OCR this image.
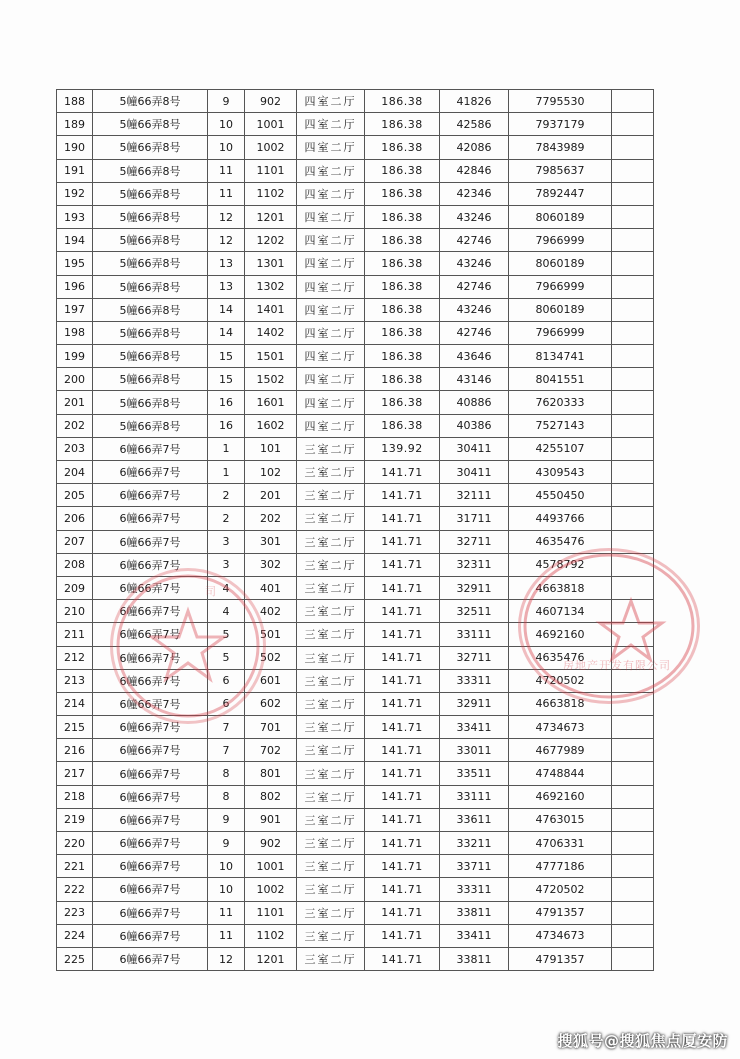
188	5幢66弄8号	9	902	四室二厅	186.38	41826	7795530	
189	5幢66弄8号	10	1001	四室二厅	186.38	42586	7937179	
190	5幢66弄8号	10	1002	四室二厅	186.38	42086	7843989	
191	5幢66弄8号	11	1101	四室二厅	186.38	42846	7985637	
192	5幢66弄8号	11	1102	四室二厅	186.38	42346	7892447	
193	5幢66弄8号	12	1201	四室二厅	186.38	43246	8060189	
194	5幢66弄8号	12	1202	四室二厅	186.38	42746	7966999	
195	5幢66弄8号	13	1301	四室二厅	186.38	43246	8060189	
196	5幢66弄8号	13	1302	四室二厅	186.38	42746	7966999	
197	5幢66弄8号	14	1401	四室二厅	186.38	43246	8060189	
198	5幢66弄8号	14	1402	四室二厅	186.38	42746	7966999	
199	5幢66弄8号	15	1501	四室二厅	186.38	43646	8134741	
200	5幢66弄8号	15	1502	四室二厅	186.38	43146	8041551	
201	5幢66弄8号	16	1601	四室二厅	186.38	40886	7620333	
202	5幢66弄8号	16	1602	四室二厅	186.38	40386	7527143	
203	6幢66弄7号	1	101	三室二厅	139.92	30411	4255107	
204	6幢66弄7号	1	102	三室二厅	141.71	30411	4309543	
205	6幢66弄7号	2	201	三室二厅	141.71	32111	4550450	
206	6幢66弄7号	2	202	三室二厅	141.71	31711	4493766	
207	6幢66弄7号	3	301	三室二厅	141.71	32711	4635476	
208	6幢66弄7号	3	302	三室二厅	141.71	32311	4578792	
209	6幢66弄7号	4	401	三室二厅	141.71	32911	4663818	
210	6幢66弄7号	4	402	三室二厅	141.71	32511	4607134	
211	6幢66弄7号	5	501	三室二厅	141.71	33111	4692160	
212	6幢66弄7号	5	502	三室二厅	141.71	32711	4635476	
213	6幢66弄7号	6	601	三室二厅	141.71	33311	4720502	
214	6幢66弄7号	6	602	三室二厅	141.71	32911	4663818	
215	6幢66弄7号	7	701	三室二厅	141.71	33411	4734673	
216	6幢66弄7号	7	702	三室二厅	141.71	33011	4677989	
217	6幢66弄7号	8	801	三室二厅	141.71	33511	4748844	
218	6幢66弄7号	8	802	三室二厅	141.71	33111	4692160	
219	6幢66弄7号	9	901	三室二厅	141.71	33611	4763015	
220	6幢66弄7号	9	902	三室二厅	141.71	33211	4706331	
221	6幢66弄7号	10	1001	三室二厅	141.71	33711	4777186	
222	6幢66弄7号	10	1002	三室二厅	141.71	33311	4720502	
223	6幢66弄7号	11	1101	三室二厅	141.71	33811	4791357	
224	6幢66弄7号	11	1102	三室二厅	141.71	33411	4734673	
225	6幢66弄7号	12	1201	三室二厅	141.71	33811	4791357	
司
房地产开发有限公司
搜狐号@搜狐焦点厦安防
